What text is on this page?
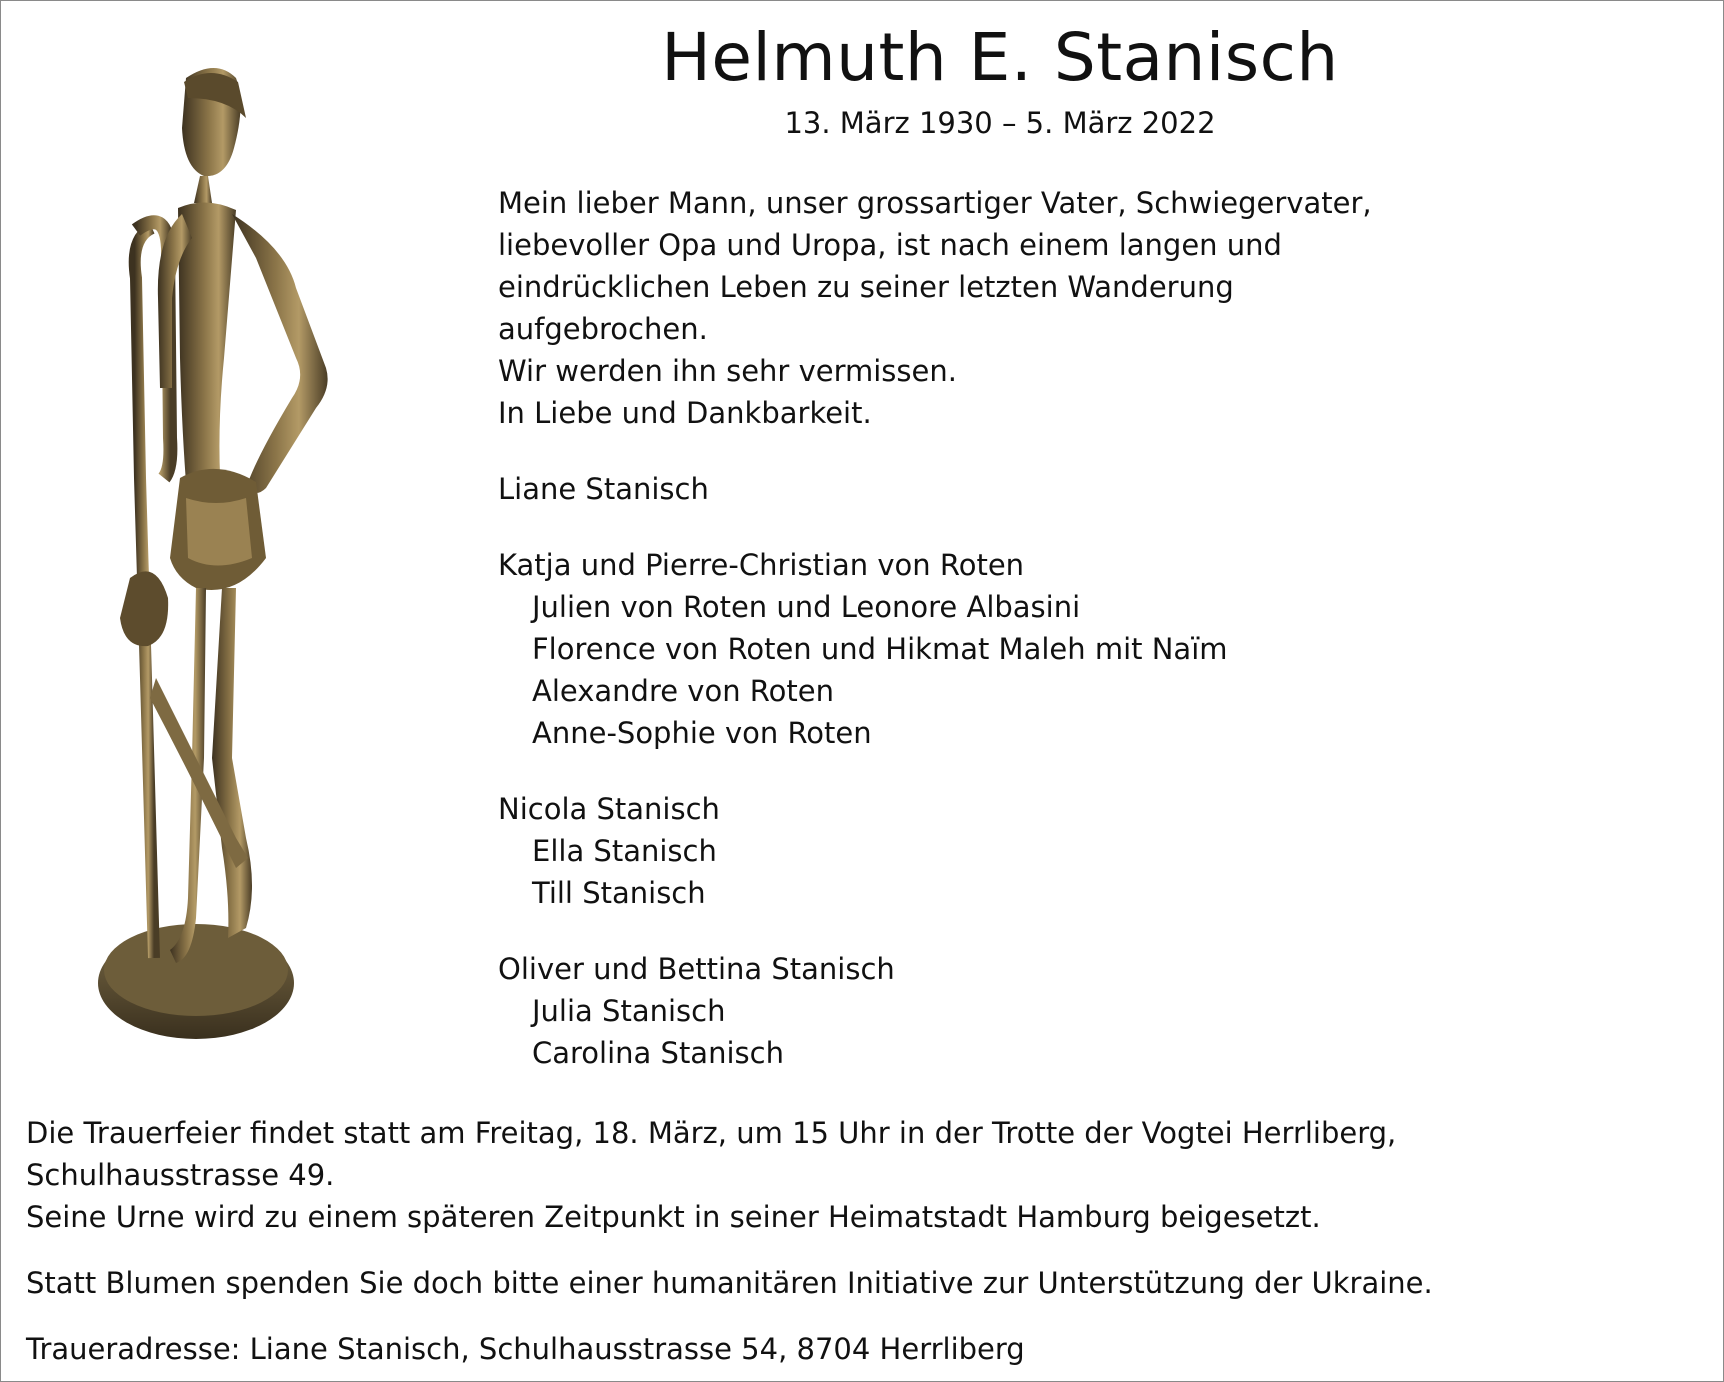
Helmuth E. Stanisch
13. März 1930 – 5. März 2022
Mein lieber Mann, unser grossartiger Vater, Schwiegervater,
liebevoller Opa und Uropa, ist nach einem langen und
eindrücklichen Leben zu seiner letzten Wanderung
aufgebrochen.
Wir werden ihn sehr vermissen.
In Liebe und Dankbarkeit.
Liane Stanisch
Katja und Pierre-Christian von Roten
Julien von Roten und Leonore Albasini
Florence von Roten und Hikmat Maleh mit Naïm
Alexandre von Roten
Anne-Sophie von Roten
Nicola Stanisch
Ella Stanisch
Till Stanisch
Oliver und Bettina Stanisch
Julia Stanisch
Carolina Stanisch
Die Trauerfeier findet statt am Freitag, 18. März, um 15 Uhr in der Trotte der Vogtei Herrliberg,
Schulhausstrasse 49.
Seine Urne wird zu einem späteren Zeitpunkt in seiner Heimatstadt Hamburg beigesetzt.
Statt Blumen spenden Sie doch bitte einer humanitären Initiative zur Unterstützung der Ukraine.
Traueradresse: Liane Stanisch, Schulhausstrasse 54, 8704 Herrliberg
